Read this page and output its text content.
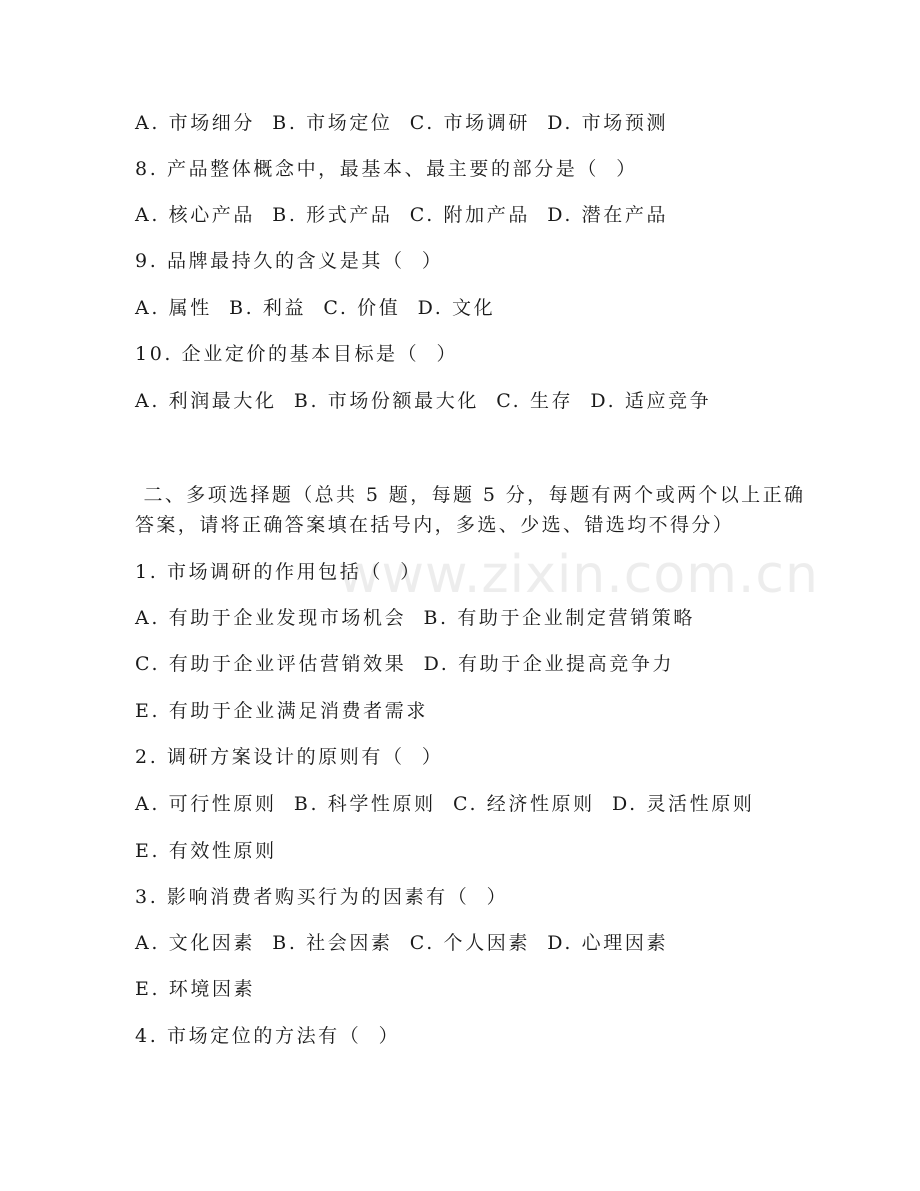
www.zixin.com.cn
A. 市场细分  B. 市场定位  C. 市场调研  D. 市场预测
8. 产品整体概念中，最基本、最主要的部分是（  ）
A. 核心产品  B. 形式产品  C. 附加产品  D. 潜在产品
9. 品牌最持久的含义是其（  ）
A. 属性  B. 利益  C. 价值  D. 文化
10. 企业定价的基本目标是（  ）
A. 利润最大化  B. 市场份额最大化  C. 生存  D. 适应竞争
二、多项选择题（总共 5 题，每题 5 分，每题有两个或两个以上正确
答案，请将正确答案填在括号内，多选、少选、错选均不得分）
1. 市场调研的作用包括（  ）
A. 有助于企业发现市场机会  B. 有助于企业制定营销策略
C. 有助于企业评估营销效果  D. 有助于企业提高竞争力
E. 有助于企业满足消费者需求
2. 调研方案设计的原则有（  ）
A. 可行性原则  B. 科学性原则  C. 经济性原则  D. 灵活性原则
E. 有效性原则
3. 影响消费者购买行为的因素有（  ）
A. 文化因素  B. 社会因素  C. 个人因素  D. 心理因素
E. 环境因素
4. 市场定位的方法有（  ）
